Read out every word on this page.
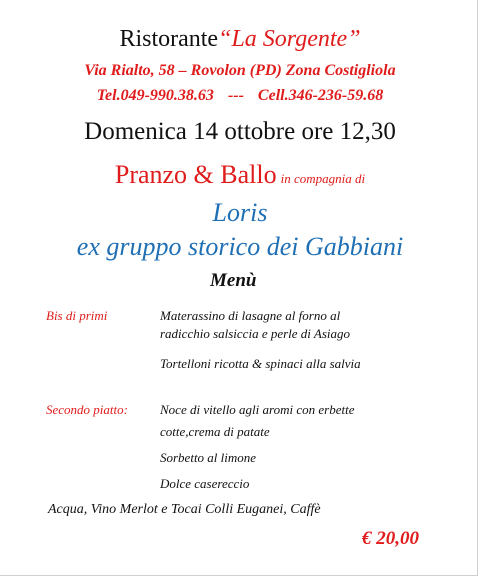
Ristorante“La Sorgente”
Via Rialto, 58 – Rovolon (PD) Zona Costigliola
Tel.049-990.38.63 --- Cell.346-236-59.68
Domenica 14 ottobre ore 12,30
Pranzo & Ballo in compagnia di
Loris
ex gruppo storico dei Gabbiani
Menù
Bis di primi	Materassino di lasagne al forno al
radicchio salsiccia e perle di Asiago
Tortelloni ricotta & spinaci alla salvia
Secondo piatto: Noce di vitello agli aromi con erbette
cotte,crema di patate
Sorbetto al limone
Dolce casereccio
Acqua, Vino Merlot e Tocai Colli Euganei, Caffè
€ 20,00
